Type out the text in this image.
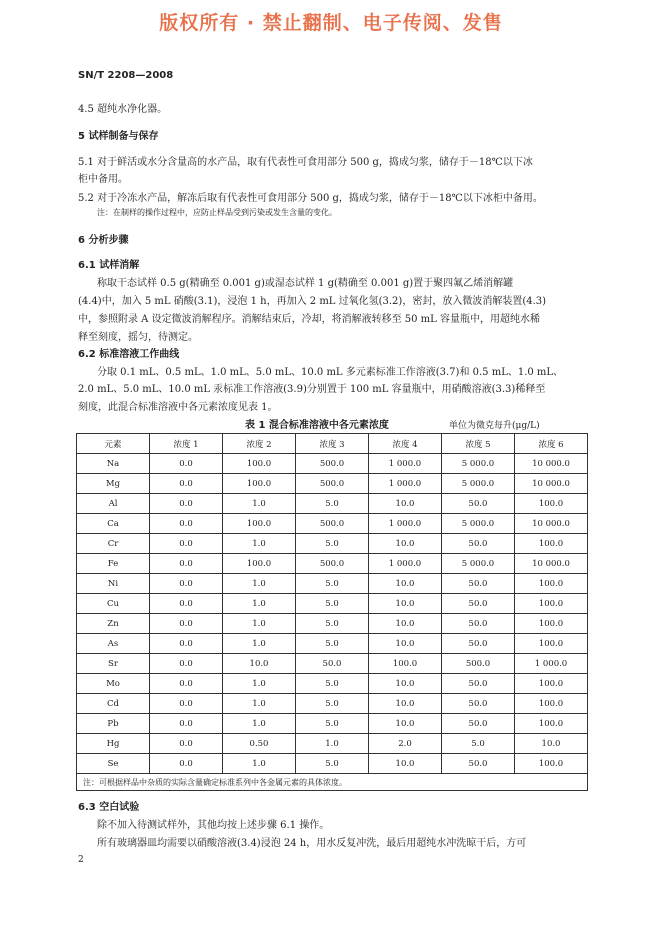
版权所有 · 禁止翻制、电子传阅、发售
SN/T 2208—2008
4.5 超纯水净化器。
5 试样制备与保存
5.1 对于鲜活或水分含量高的水产品，取有代表性可食用部分 500 g，捣成匀浆，储存于－18℃以下冰
柜中备用。
5.2 对于冷冻水产品，解冻后取有代表性可食用部分 500 g，捣成匀浆，储存于－18℃以下冰柜中备用。
注：在制样的操作过程中，应防止样品受到污染或发生含量的变化。
6 分析步骤
6.1 试样消解
称取干态试样 0.5 g(精确至 0.001 g)或湿态试样 1 g(精确至 0.001 g)置于聚四氟乙烯消解罐
(4.4)中，加入 5 mL 硝酸(3.1)，浸泡 1 h，再加入 2 mL 过氧化氢(3.2)，密封，放入微波消解装置(4.3)
中，参照附录 A 设定微波消解程序。消解结束后，冷却，将消解液转移至 50 mL 容量瓶中，用超纯水稀
释至刻度，摇匀，待测定。
6.2 标准溶液工作曲线
分取 0.1 mL、0.5 mL、1.0 mL、5.0 mL、10.0 mL 多元素标准工作溶液(3.7)和 0.5 mL、1.0 mL、
2.0 mL、5.0 mL、10.0 mL 汞标准工作溶液(3.9)分别置于 100 mL 容量瓶中，用硝酸溶液(3.3)稀释至
刻度，此混合标准溶液中各元素浓度见表 1。
表 1 混合标准溶液中各元素浓度	单位为微克每升(μg/L)
元素	浓度 1	浓度 2	浓度 3	浓度 4	浓度 5	浓度 6
Na	0.0	100.0	500.0	1 000.0	5 000.0	10 000.0
Mg	0.0	100.0	500.0	1 000.0	5 000.0	10 000.0
Al	0.0	1.0	5.0	10.0	50.0	100.0
Ca	0.0	100.0	500.0	1 000.0	5 000.0	10 000.0
Cr	0.0	1.0	5.0	10.0	50.0	100.0
Fe	0.0	100.0	500.0	1 000.0	5 000.0	10 000.0
Ni	0.0	1.0	5.0	10.0	50.0	100.0
Cu	0.0	1.0	5.0	10.0	50.0	100.0
Zn	0.0	1.0	5.0	10.0	50.0	100.0
As	0.0	1.0	5.0	10.0	50.0	100.0
Sr	0.0	10.0	50.0	100.0	500.0	1 000.0
Mo	0.0	1.0	5.0	10.0	50.0	100.0
Cd	0.0	1.0	5.0	10.0	50.0	100.0
Pb	0.0	1.0	5.0	10.0	50.0	100.0
Hg	0.0	0.50	1.0	2.0	5.0	10.0
Se	0.0	1.0	5.0	10.0	50.0	100.0
注：可根据样品中杂质的实际含量确定标准系列中各金属元素的具体浓度。						
6.3 空白试验
除不加入待测试样外，其他均按上述步骤 6.1 操作。
所有玻璃器皿均需要以硝酸溶液(3.4)浸泡 24 h，用水反复冲洗，最后用超纯水冲洗晾干后，方可
2
